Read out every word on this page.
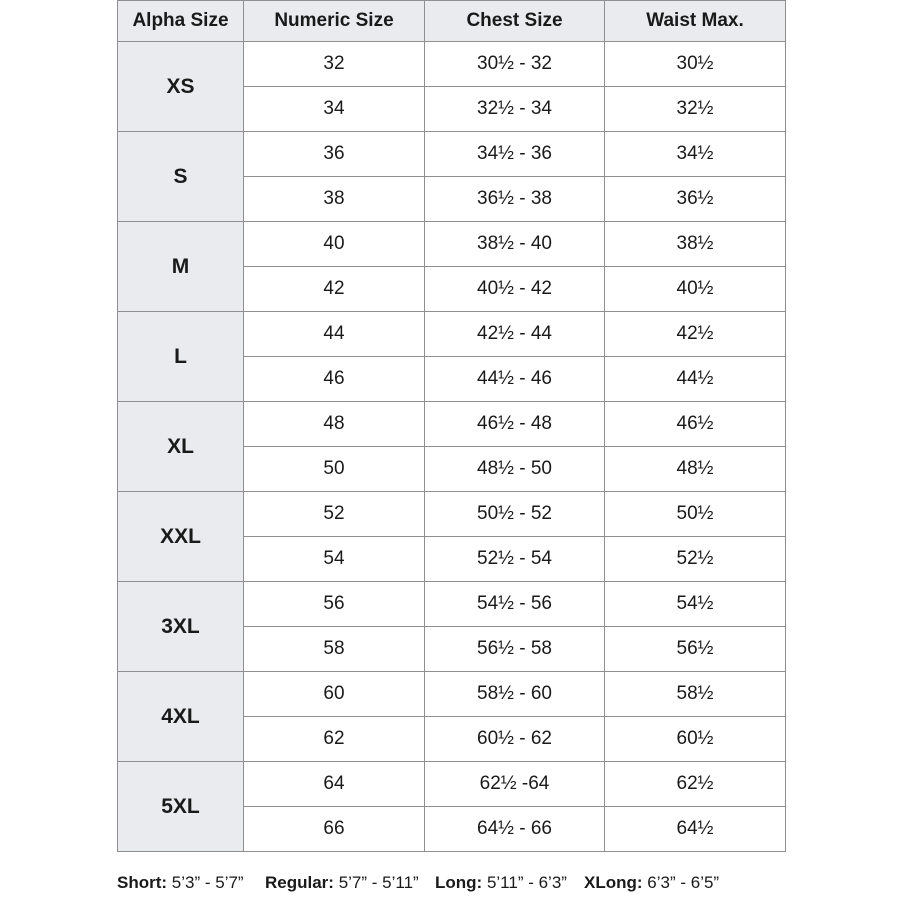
Alpha Size	Numeric Size	Chest Size	Waist Max.
XS	32	30½ - 32	30½
	34	32½ - 34	32½
S	36	34½ - 36	34½
	38	36½ - 38	36½
M	40	38½ - 40	38½
	42	40½ - 42	40½
L	44	42½ - 44	42½
	46	44½ - 46	44½
XL	48	46½ - 48	46½
	50	48½ - 50	48½
XXL	52	50½ - 52	50½
	54	52½ - 54	52½
3XL	56	54½ - 56	54½
	58	56½ - 58	56½
4XL	60	58½ - 60	58½
	62	60½ - 62	60½
5XL	64	62½ -64	62½
	66	64½ - 66	64½
Short: 5’3” - 5’7” Regular: 5’7” - 5’11” Long: 5’11” - 6’3” XLong: 6’3” - 6’5”
